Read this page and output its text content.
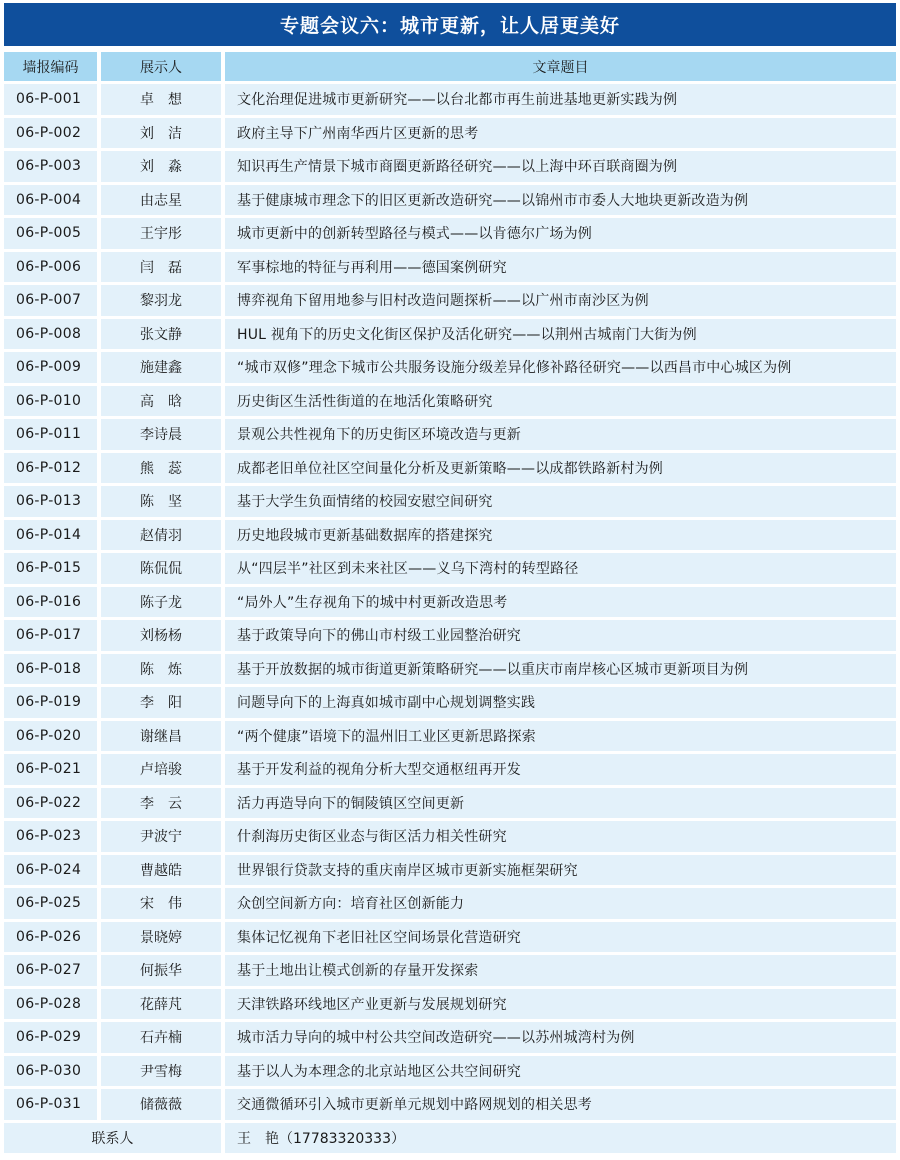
专题会议六：城市更新，让人居更美好
墙报编码	展示人	文章题目
06-P-001	卓　想	文化治理促进城市更新研究——以台北都市再生前进基地更新实践为例
06-P-002	刘　洁	政府主导下广州南华西片区更新的思考
06-P-003	刘　淼	知识再生产情景下城市商圈更新路径研究——以上海中环百联商圈为例
06-P-004	由志星	基于健康城市理念下的旧区更新改造研究——以锦州市市委人大地块更新改造为例
06-P-005	王宇彤	城市更新中的创新转型路径与模式——以肯德尔广场为例
06-P-006	闫　磊	军事棕地的特征与再利用——德国案例研究
06-P-007	黎羽龙	博弈视角下留用地参与旧村改造问题探析——以广州市南沙区为例
06-P-008	张文静	HUL 视角下的历史文化街区保护及活化研究——以荆州古城南门大街为例
06-P-009	施建鑫	“城市双修”理念下城市公共服务设施分级差异化修补路径研究——以西昌市中心城区为例
06-P-010	高　晗	历史街区生活性街道的在地活化策略研究
06-P-011	李诗晨	景观公共性视角下的历史街区环境改造与更新
06-P-012	熊　蕊	成都老旧单位社区空间量化分析及更新策略——以成都铁路新村为例
06-P-013	陈　坚	基于大学生负面情绪的校园安慰空间研究
06-P-014	赵倩羽	历史地段城市更新基础数据库的搭建探究
06-P-015	陈侃侃	从“四层半”社区到未来社区——义乌下湾村的转型路径
06-P-016	陈子龙	“局外人”生存视角下的城中村更新改造思考
06-P-017	刘杨杨	基于政策导向下的佛山市村级工业园整治研究
06-P-018	陈　炼	基于开放数据的城市街道更新策略研究——以重庆市南岸核心区城市更新项目为例
06-P-019	李　阳	问题导向下的上海真如城市副中心规划调整实践
06-P-020	谢继昌	“两个健康”语境下的温州旧工业区更新思路探索
06-P-021	卢培骏	基于开发利益的视角分析大型交通枢纽再开发
06-P-022	李　云	活力再造导向下的铜陵镇区空间更新
06-P-023	尹波宁	什刹海历史街区业态与街区活力相关性研究
06-P-024	曹越皓	世界银行贷款支持的重庆南岸区城市更新实施框架研究
06-P-025	宋　伟	众创空间新方向：培育社区创新能力
06-P-026	景晓婷	集体记忆视角下老旧社区空间场景化营造研究
06-P-027	何振华	基于土地出让模式创新的存量开发探索
06-P-028	花薛芃	天津铁路环线地区产业更新与发展规划研究
06-P-029	石卉楠	城市活力导向的城中村公共空间改造研究——以苏州城湾村为例
06-P-030	尹雪梅	基于以人为本理念的北京站地区公共空间研究
06-P-031	储薇薇	交通微循环引入城市更新单元规划中路网规划的相关思考
联系人		王　艳（17783320333）
